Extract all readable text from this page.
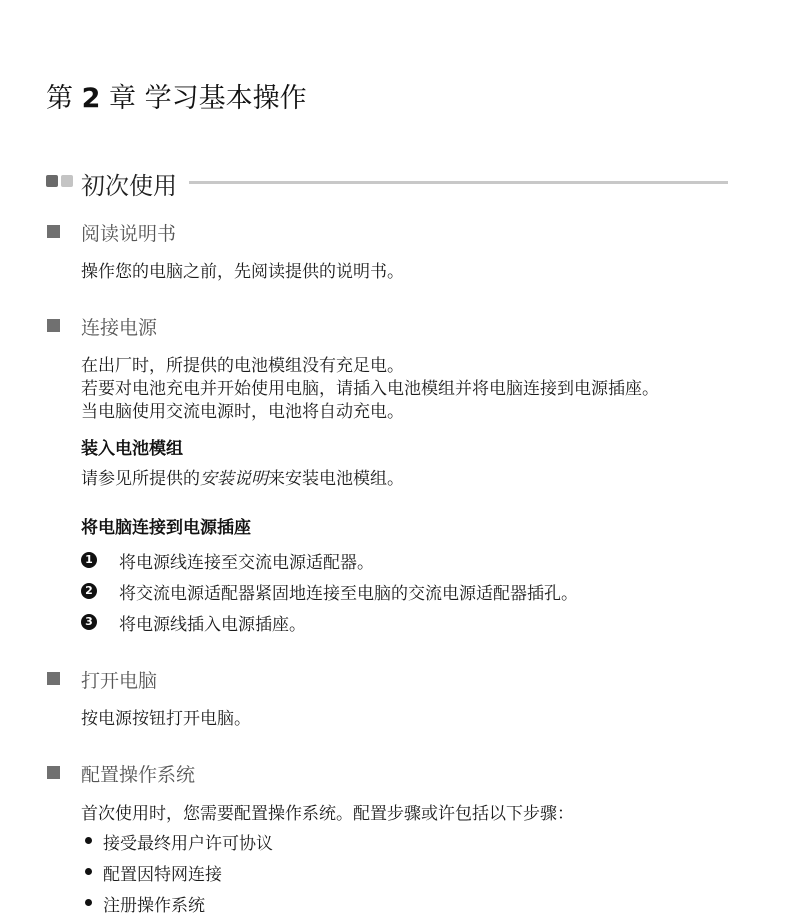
第 2 章 学习基本操作
初次使用
阅读说明书
操作您的电脑之前，先阅读提供的说明书。
连接电源
在出厂时，所提供的电池模组没有充足电。
若要对电池充电并开始使用电脑，请插入电池模组并将电脑连接到电源插座。
当电脑使用交流电源时，电池将自动充电。
装入电池模组
请参见所提供的安装说明来安装电池模组。
将电脑连接到电源插座
1 将电源线连接至交流电源适配器。
2 将交流电源适配器紧固地连接至电脑的交流电源适配器插孔。
3 将电源线插入电源插座。
打开电脑
按电源按钮打开电脑。
配置操作系统
首次使用时，您需要配置操作系统。配置步骤或许包括以下步骤：
接受最终用户许可协议
配置因特网连接
注册操作系统
